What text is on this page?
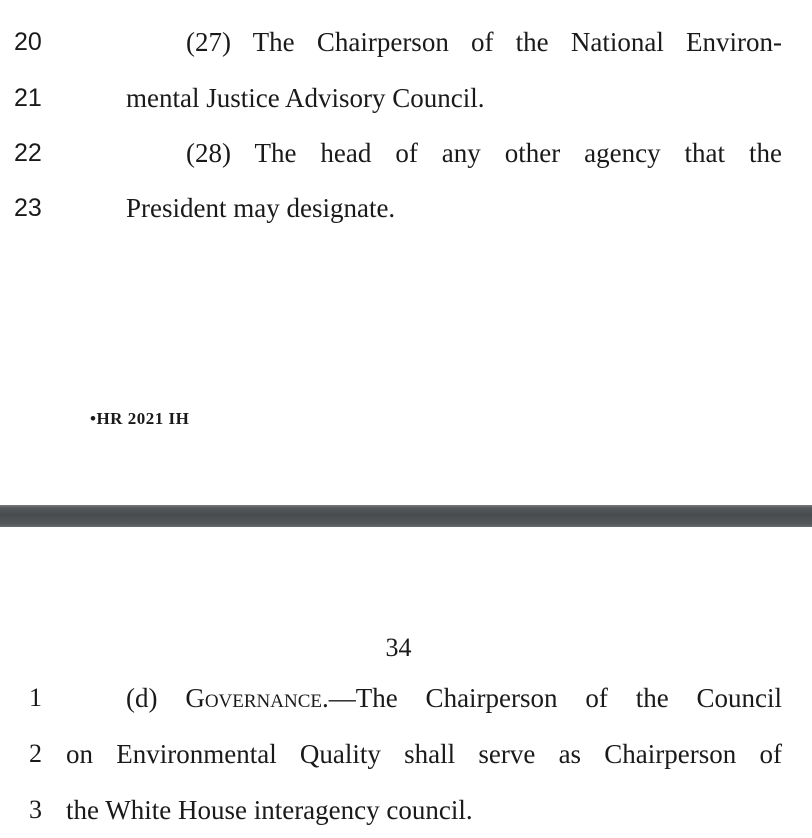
20	(27) The Chairperson of the National Environ-
21	mental Justice Advisory Council.
22	(28) The head of any other agency that the
23	President may designate.
•HR 2021 IH
34
1	(d) Governance.—The Chairperson of the Council
2 on Environmental Quality shall serve as Chairperson of
3 the White House interagency council.
